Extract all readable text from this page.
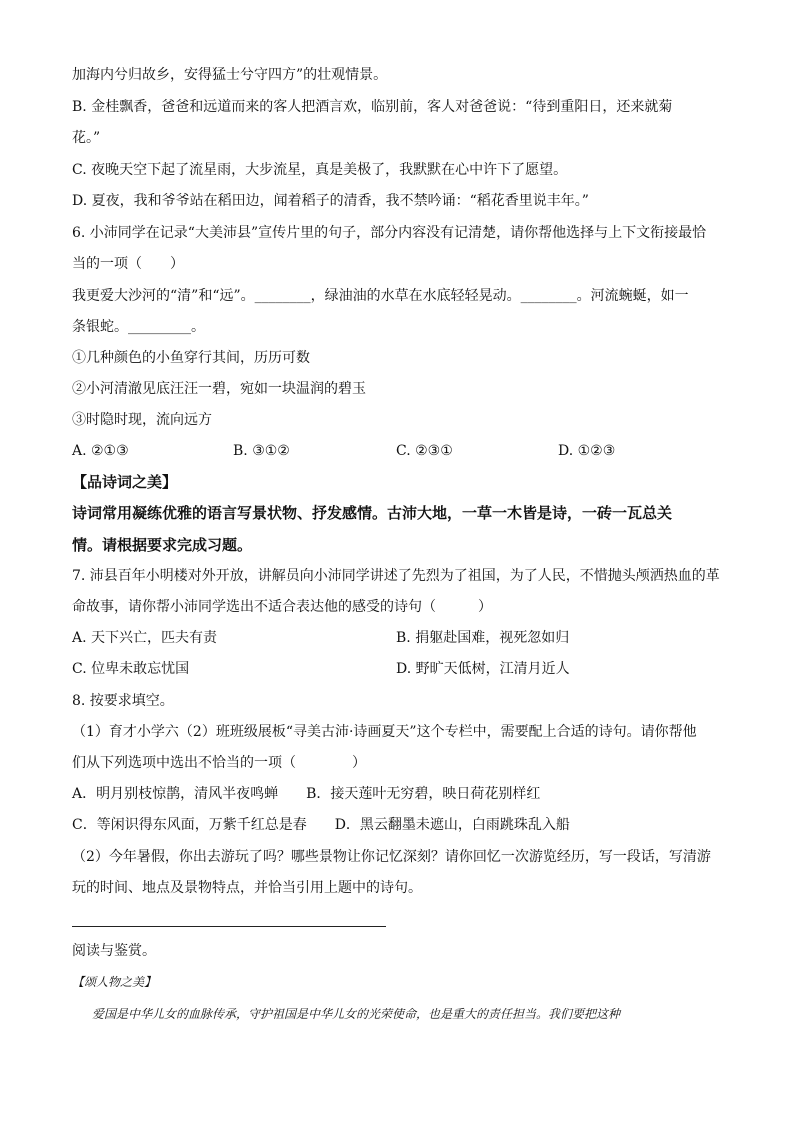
加海内兮归故乡，安得猛士兮守四方”的壮观情景。
B. 金桂飘香，爸爸和远道而来的客人把酒言欢，临别前，客人对爸爸说：“待到重阳日，还来就菊
花。”
C. 夜晚天空下起了流星雨，大步流星，真是美极了，我默默在心中许下了愿望。
D. 夏夜，我和爷爷站在稻田边，闻着稻子的清香，我不禁吟诵：“稻花香里说丰年。”
6. 小沛同学在记录“大美沛县”宣传片里的句子，部分内容没有记清楚，请你帮他选择与上下文衔接最恰
当的一项（　　）
我更爱大沙河的“清”和“远”。________，绿油油的水草在水底轻轻晃动。________。河流蜿蜒，如一
条银蛇。_________。
①几种颜色的小鱼穿行其间，历历可数
②小河清澈见底汪汪一碧，宛如一块温润的碧玉
③时隐时现，流向远方
A. ②①③	B. ③①②	C. ②③①	D. ①②③
【品诗词之美】
诗词常用凝练优雅的语言写景状物、抒发感情。古沛大地，一草一木皆是诗，一砖一瓦总关
情。请根据要求完成习题。
7. 沛县百年小明楼对外开放，讲解员向小沛同学讲述了先烈为了祖国，为了人民，不惜抛头颅洒热血的革
命故事，请你帮小沛同学选出不适合表达他的感受的诗句（　　　）
A. 天下兴亡，匹夫有责	B. 捐躯赴国难，视死忽如归
C. 位卑未敢忘忧国	D. 野旷天低树，江清月近人
8. 按要求填空。
（1）育才小学六（2）班班级展板“寻美古沛·诗画夏天”这个专栏中，需要配上合适的诗句。请你帮他
们从下列选项中选出不恰当的一项（　　　　）
A．明月别枝惊鹊，清风半夜鸣蝉　　B．接天莲叶无穷碧，映日荷花别样红
C．等闲识得东风面，万紫千红总是春　　D．黑云翻墨未遮山，白雨跳珠乱入船
（2）今年暑假，你出去游玩了吗？哪些景物让你记忆深刻？请你回忆一次游览经历，写一段话，写清游
玩的时间、地点及景物特点，并恰当引用上题中的诗句。
阅读与鉴赏。
【颂人物之美】
爱国是中华儿女的血脉传承，守护祖国是中华儿女的光荣使命，也是重大的责任担当。我们要把这种
